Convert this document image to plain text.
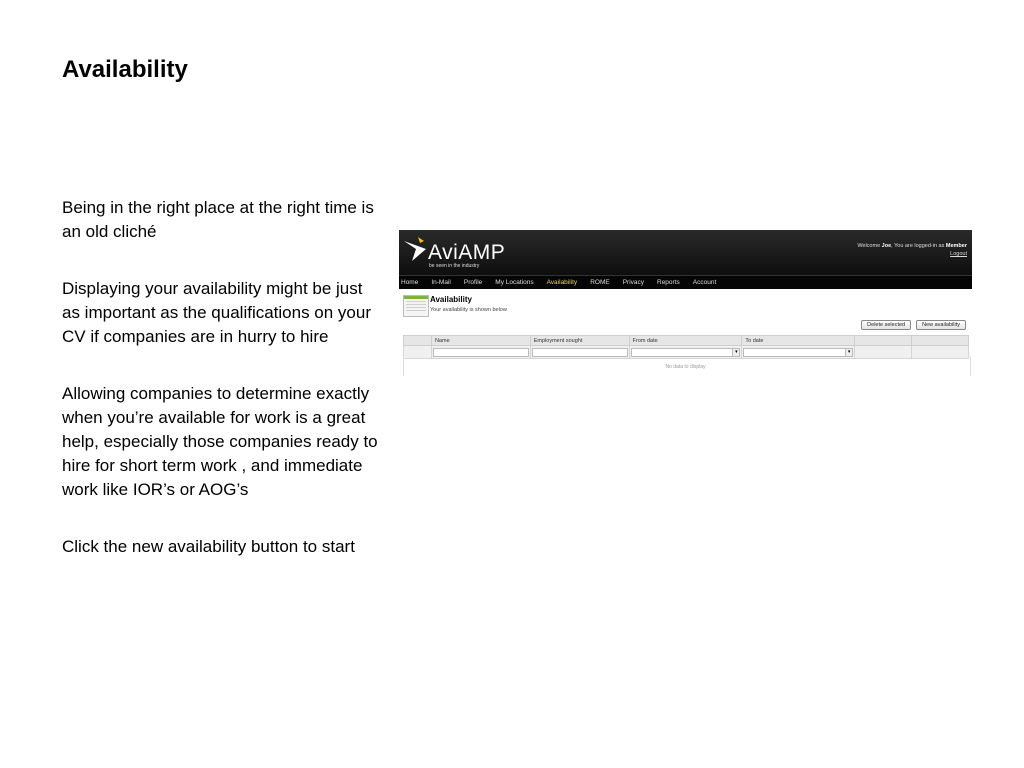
Availability

Being in the right place at the right time is an old cliché

Displaying your availability might be just as important as the qualifications on your CV if companies are in hurry to hire

Allowing companies to determine exactly when you’re available for work is a great help, especially those companies ready to hire for short term work , and immediate work like IOR’s or AOG’s

Click the new availability button to start

AviAMP
be seen in the industry
Welcome Joe, You are logged-in as Member
Logout
Home In-Mail Profile My Locations Availability ROME Privacy Reports Account
Availability
Your availability is shown below
Delete selected	New availability
	Name	Employment sought	From date	To date		

			▾	▾		

No data to display
